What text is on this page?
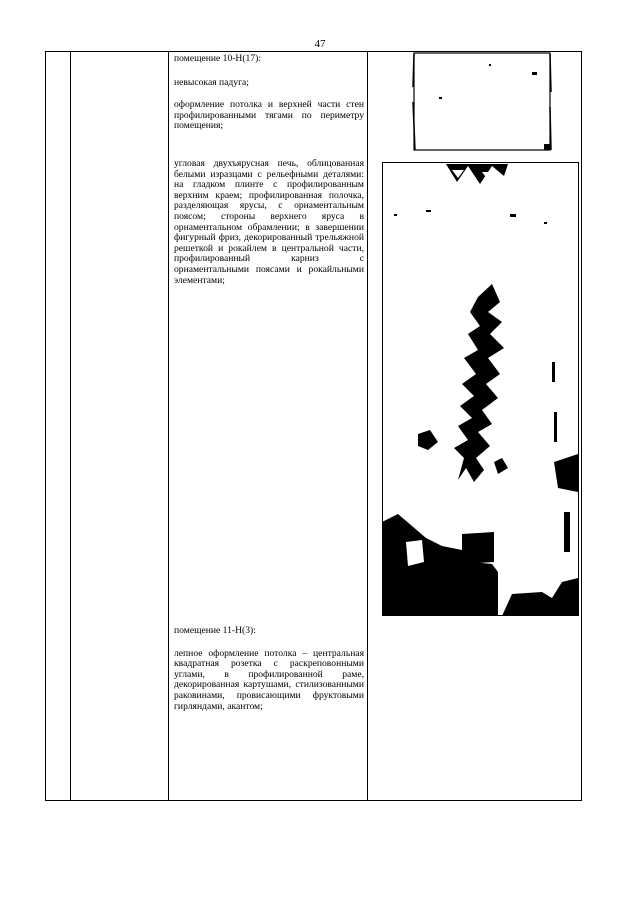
47

помещение 10-Н(17):

невысокая падуга;

оформление потолка и верхней части стен профилированными тягами по периметру помещения;

угловая двухъярусная печь, облицованная белыми изразцами с рельефными деталями: на гладком плинте с профилированным верхним краем; профилированная полочка, разделяющая ярусы, с орнаментальным поясом; стороны верхнего яруса в орнаментальном обрамлении; в завершении фигурный фриз, декорированный трельяжной решеткой и рокайлем в центральной части, профилированный карниз с орнаментальными поясами и рокайльными элементами;

помещение 11-Н(3):

лепное оформление потолка – центральная квадратная розетка с раскреповонными углами, в профилированной раме, декорированная картушами, стилизованными раковинами, провисающими фруктовыми гирляндами, акантом;
